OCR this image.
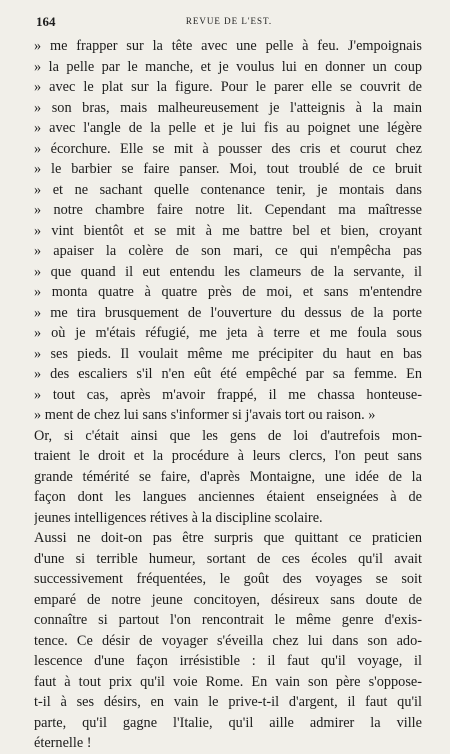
164	REVUE DE L'EST.
» me frapper sur la tête avec une pelle à feu. J'empoignais
» la pelle par le manche, et je voulus lui en donner un coup
» avec le plat sur la figure. Pour le parer elle se couvrit de
» son bras, mais malheureusement je l'atteignis à la main
» avec l'angle de la pelle et je lui fis au poignet une légère
» écorchure. Elle se mit à pousser des cris et courut chez
» le barbier se faire panser. Moi, tout troublé de ce bruit
» et ne sachant quelle contenance tenir, je montais dans
» notre chambre faire notre lit. Cependant ma maîtresse
» vint bientôt et se mit à me battre bel et bien, croyant
» apaiser la colère de son mari, ce qui n'empêcha pas
» que quand il eut entendu les clameurs de la servante, il
» monta quatre à quatre près de moi, et sans m'entendre
» me tira brusquement de l'ouverture du dessus de la porte
» où je m'étais réfugié, me jeta à terre et me foula sous
» ses pieds. Il voulait même me précipiter du haut en bas
» des escaliers s'il n'en eût été empêché par sa femme. En
» tout cas, après m'avoir frappé, il me chassa honteuse-
» ment de chez lui sans s'informer si j'avais tort ou raison. »
Or, si c'était ainsi que les gens de loi d'autrefois mon-
traient le droit et la procédure à leurs clercs, l'on peut sans
grande témérité se faire, d'après Montaigne, une idée de la
façon dont les langues anciennes étaient enseignées à de
jeunes intelligences rétives à la discipline scolaire.
Aussi ne doit-on pas être surpris que quittant ce praticien
d'une si terrible humeur, sortant de ces écoles qu'il avait
successivement fréquentées, le goût des voyages se soit
emparé de notre jeune concitoyen, désireux sans doute de
connaître si partout l'on rencontrait le même genre d'exis-
tence. Ce désir de voyager s'éveilla chez lui dans son ado-
lescence d'une façon irrésistible : il faut qu'il voyage, il
faut à tout prix qu'il voie Rome. En vain son père s'oppose-
t-il à ses désirs, en vain le prive-t-il d'argent, il faut qu'il
parte, qu'il gagne l'Italie, qu'il aille admirer la ville
éternelle !
